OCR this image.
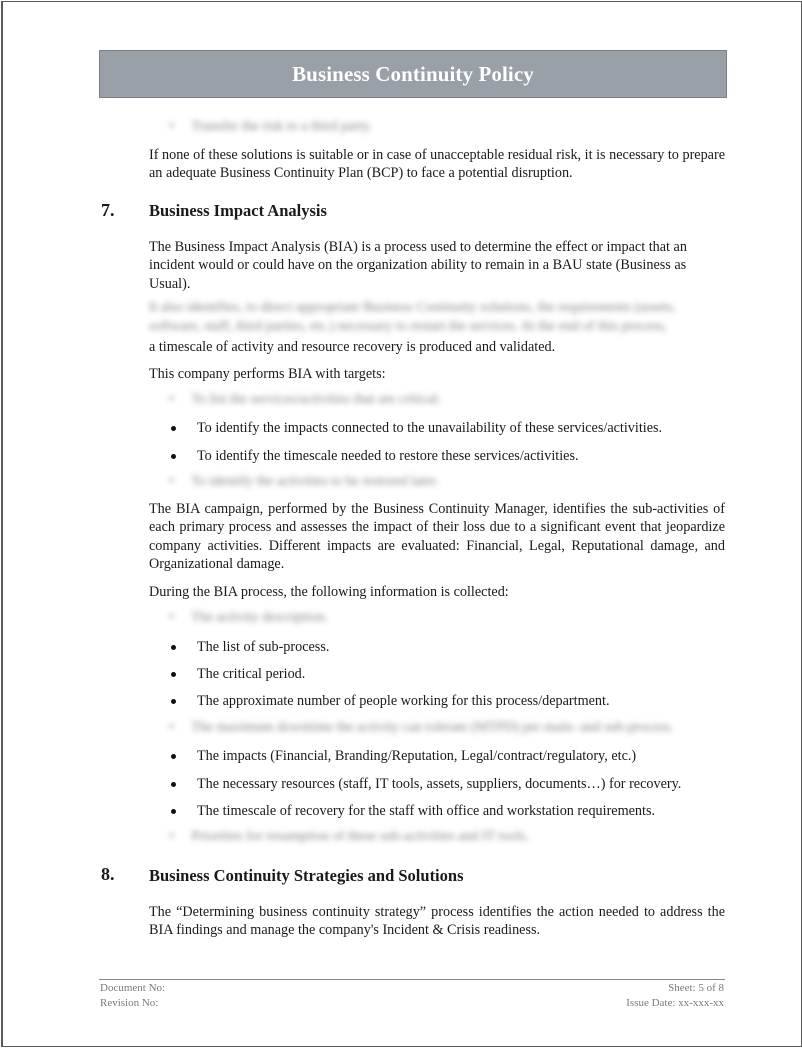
Business Continuity Policy
•     Transfer the risk to a third party.
If none of these solutions is suitable or in case of unacceptable residual risk, it is necessary to prepare an adequate Business Continuity Plan (BCP) to face a potential disruption.
7. Business Impact Analysis
The Business Impact Analysis (BIA) is a process used to determine the effect or impact that an incident would or could have on the organization ability to remain in a BAU state (Business as Usual).
It also identifies, to direct appropriate Business Continuity solutions, the requirements (assets,
software, staff, third parties, etc.) necessary to restart the services. At the end of this process,
a timescale of activity and resource recovery is produced and validated.
This company performs BIA with targets:
•     To list the services/activities that are critical.
To identify the impacts connected to the unavailability of these services/activities.
To identify the timescale needed to restore these services/activities.
•     To identify the activities to be restored later.
The BIA campaign, performed by the Business Continuity Manager, identifies the sub-activities of each primary process and assesses the impact of their loss due to a significant event that jeopardize company activities. Different impacts are evaluated: Financial, Legal, Reputational damage, and Organizational damage.
During the BIA process, the following information is collected:
•     The activity description.
The list of sub-process.
The critical period.
The approximate number of people working for this process/department.
•     The maximum downtime the activity can tolerate (MTPD) per main- and sub-process.
The impacts (Financial, Branding/Reputation, Legal/contract/regulatory, etc.)
The necessary resources (staff, IT tools, assets, suppliers, documents…) for recovery.
The timescale of recovery for the staff with office and workstation requirements.
•     Priorities for resumption of these sub-activities and IT tools.
8. Business Continuity Strategies and Solutions
The “Determining business continuity strategy” process identifies the action needed to address the BIA findings and manage the company's Incident & Crisis readiness.
Document No:
Revision No:
Sheet: 5 of 8
Issue Date: xx-xxx-xx
